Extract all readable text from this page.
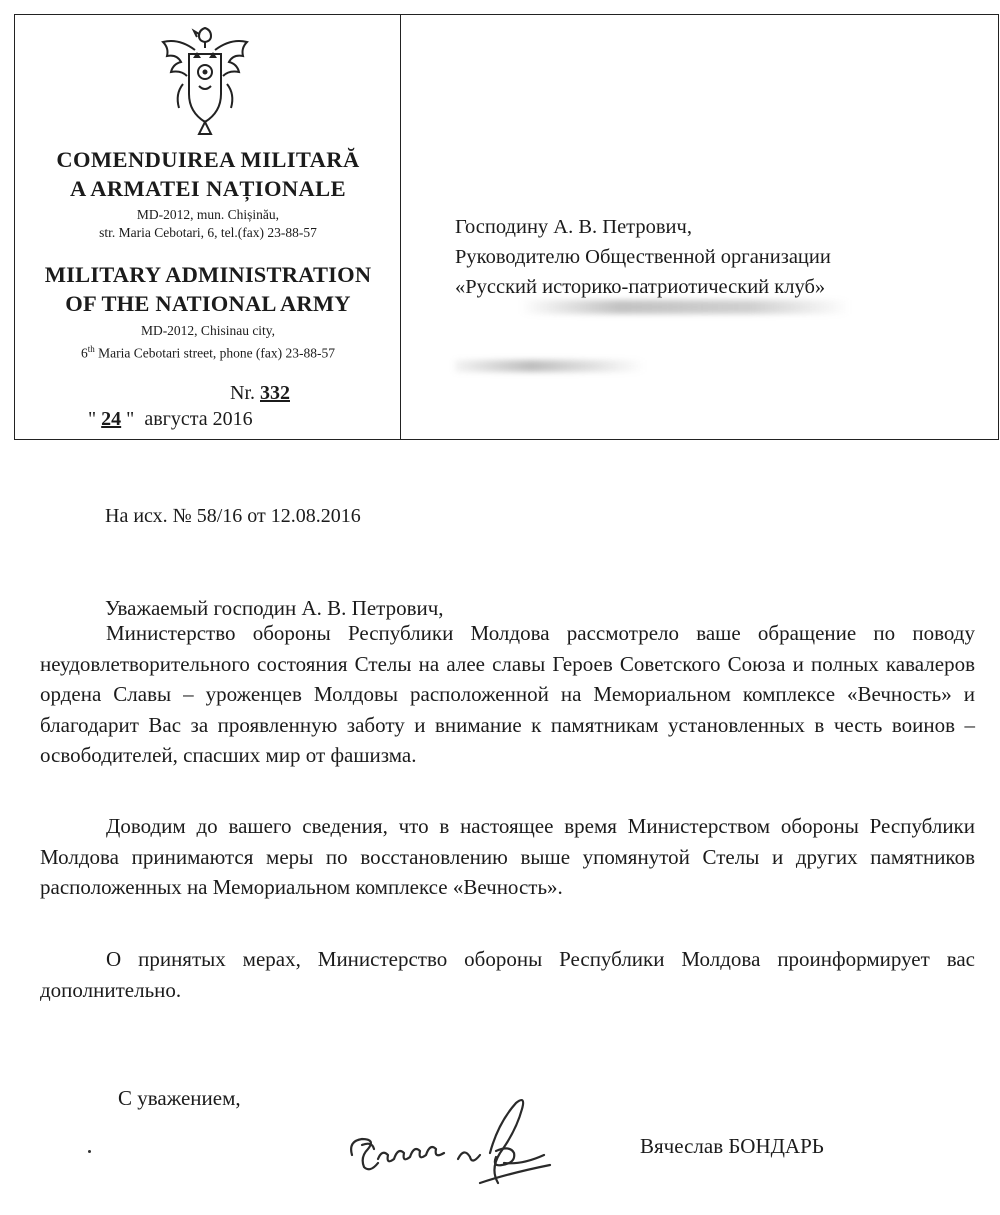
COMENDUIREA MILITARĂ
A ARMATEI NAȚIONALE
MD-2012, mun. Chișinău,
str. Maria Cebotari, 6, tel.(fax) 23-88-57
MILITARY ADMINISTRATION
OF THE NATIONAL ARMY
MD-2012, Chisinau city,
6th Maria Cebotari street, phone (fax) 23-88-57
Nr. 332
" 24 " августа 2016
Господину А. В. Петрович,
Руководителю Общественной организации
«Русский историко-патриотический клуб»
На исх. № 58/16 от 12.08.2016
Уважаемый господин А. В. Петрович,

Министерство обороны Республики Молдова рассмотрело ваше обращение по поводу неудовлетворительного состояния Стелы на алее славы Героев Советского Союза и полных кавалеров ордена Славы – уроженцев Молдовы расположенной на Мемориальном комплексе «Вечность» и благодарит Вас за проявленную заботу и внимание к памятникам установленных в честь воинов – освободителей, спасших мир от фашизма.

Доводим до вашего сведения, что в настоящее время Министерством обороны Республики Молдова принимаются меры по восстановлению выше упомянутой Стелы и других памятников расположенных на Мемориальном комплексе «Вечность».

О принятых мерах, Министерство обороны Республики Молдова проинформирует вас дополнительно.

С уважением,
Вячеслав БОНДАРЬ
